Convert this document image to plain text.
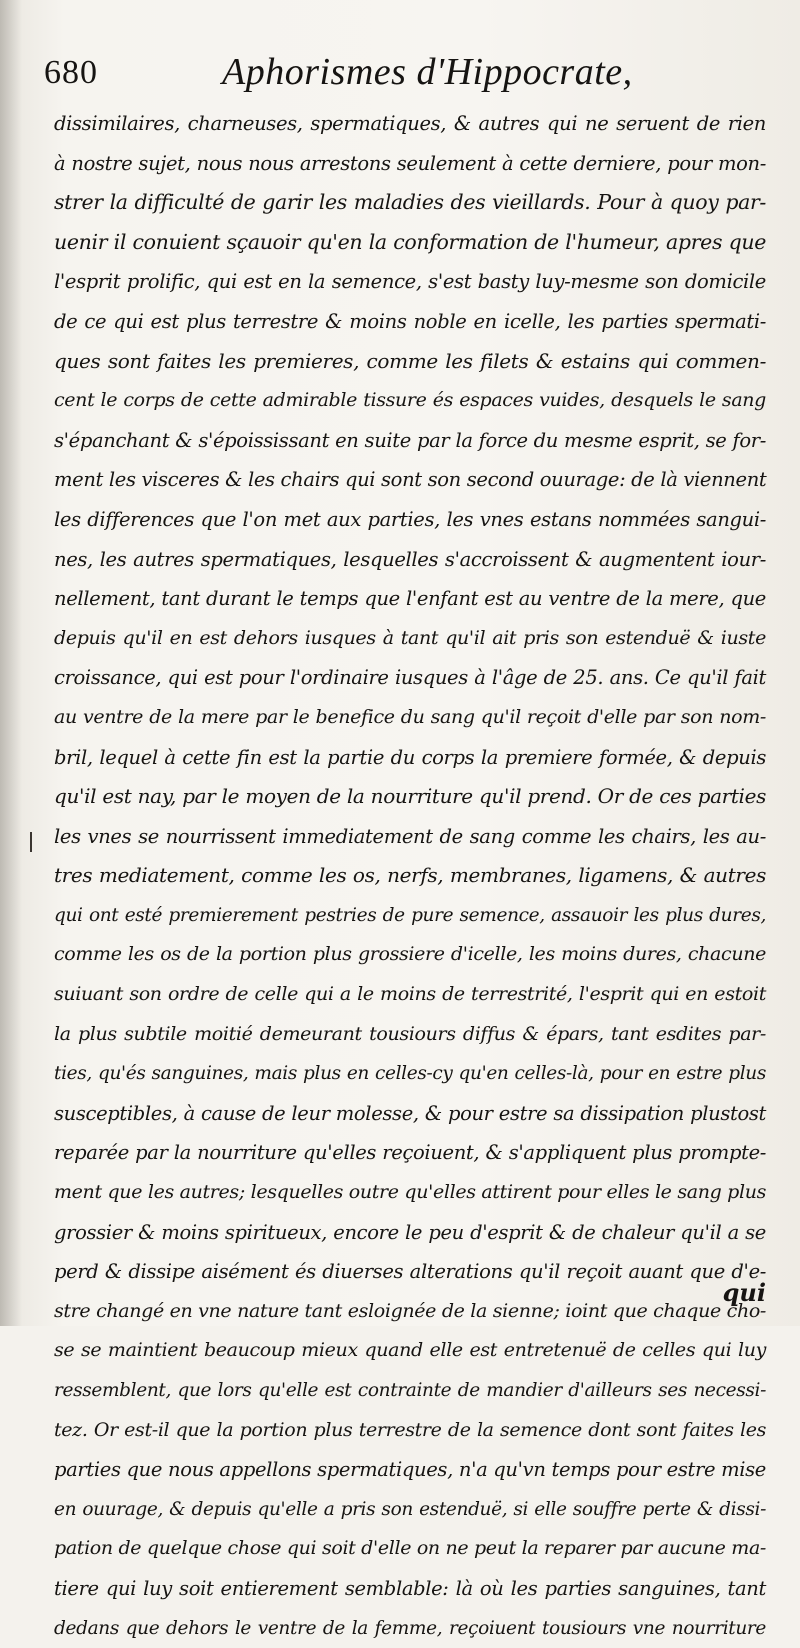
680	Aphorismes d'Hippocrate,
dissimilaires, charneuses, spermatiques, & autres qui ne seruent de rien
à nostre sujet, nous nous arrestons seulement à cette derniere, pour mon-
strer la difficulté de garir les maladies des vieillards. Pour à quoy par-
uenir il conuient sçauoir qu'en la conformation de l'humeur, apres que
l'esprit prolific, qui est en la semence, s'est basty luy-mesme son domicile
de ce qui est plus terrestre & moins noble en icelle, les parties spermati-
ques sont faites les premieres, comme les filets & estains qui commen-
cent le corps de cette admirable tissure és espaces vuides, desquels le sang
s'épanchant & s'époississant en suite par la force du mesme esprit, se for-
ment les visceres & les chairs qui sont son second ouurage: de là viennent
les differences que l'on met aux parties, les vnes estans nommées sangui-
nes, les autres spermatiques, lesquelles s'accroissent & augmentent iour-
nellement, tant durant le temps que l'enfant est au ventre de la mere, que
depuis qu'il en est dehors iusques à tant qu'il ait pris son estenduë & iuste
croissance, qui est pour l'ordinaire iusques à l'âge de 25. ans. Ce qu'il fait
au ventre de la mere par le benefice du sang qu'il reçoit d'elle par son nom-
bril, lequel à cette fin est la partie du corps la premiere formée, & depuis
qu'il est nay, par le moyen de la nourriture qu'il prend. Or de ces parties
les vnes se nourrissent immediatement de sang comme les chairs, les au-
tres mediatement, comme les os, nerfs, membranes, ligamens, & autres
qui ont esté premierement pestries de pure semence, assauoir les plus dures,
comme les os de la portion plus grossiere d'icelle, les moins dures, chacune
suiuant son ordre de celle qui a le moins de terrestrité, l'esprit qui en estoit
la plus subtile moitié demeurant tousiours diffus & épars, tant esdites par-
ties, qu'és sanguines, mais plus en celles-cy qu'en celles-là, pour en estre plus
susceptibles, à cause de leur molesse, & pour estre sa dissipation plustost
reparée par la nourriture qu'elles reçoiuent, & s'appliquent plus prompte-
ment que les autres; lesquelles outre qu'elles attirent pour elles le sang plus
grossier & moins spiritueux, encore le peu d'esprit & de chaleur qu'il a se
perd & dissipe aisément és diuerses alterations qu'il reçoit auant que d'e-
stre changé en vne nature tant esloignée de la sienne; ioint que chaque cho-
se se maintient beaucoup mieux quand elle est entretenuë de celles qui luy
ressemblent, que lors qu'elle est contrainte de mandier d'ailleurs ses necessi-
tez. Or est-il que la portion plus terrestre de la semence dont sont faites les
parties que nous appellons spermatiques, n'a qu'vn temps pour estre mise
en ouurage, & depuis qu'elle a pris son estenduë, si elle souffre perte & dissi-
pation de quelque chose qui soit d'elle on ne peut la reparer par aucune ma-
tiere qui luy soit entierement semblable: là où les parties sanguines, tant
dedans que dehors le ventre de la femme, reçoiuent tousiours vne nourriture
qui
